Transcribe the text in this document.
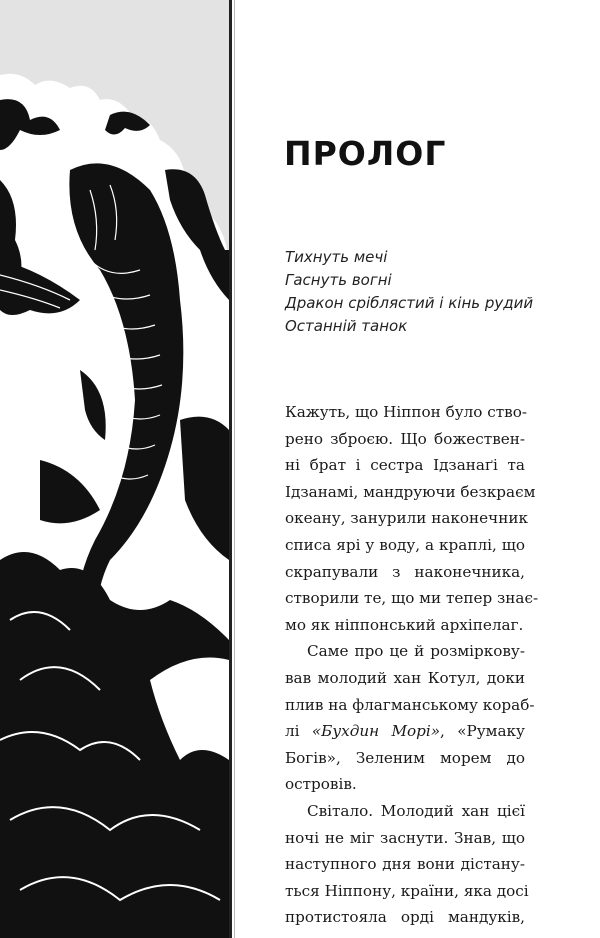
ПРОЛОГ
Тихнуть мечі
Гаснуть вогні
Дракон сріблястий і кінь рудий
Останній танок
Кажуть, що Ніппон було ство-
рено зброєю. Що божествен-
ні брат і сестра Ідзанаґі та
Ідзанамі, мандруючи безкраєм
океану, занурили наконечник
списа ярі у воду, а краплі, що
скрапували з наконечника,
створили те, що ми тепер знає-
мо як ніппонський архіпелаг.
Саме про це й розміркову-
вав молодий хан Котул, доки
плив на флагманському кораб-
лі «Бухдин Морі», «Румаку
Богів», Зеленим морем до
островів.
Світало. Молодий хан цієї
ночі не міг заснути. Знав, що
наступного дня вони дістану-
ться Ніппону, країни, яка досі
протистояла орді мандуків,
